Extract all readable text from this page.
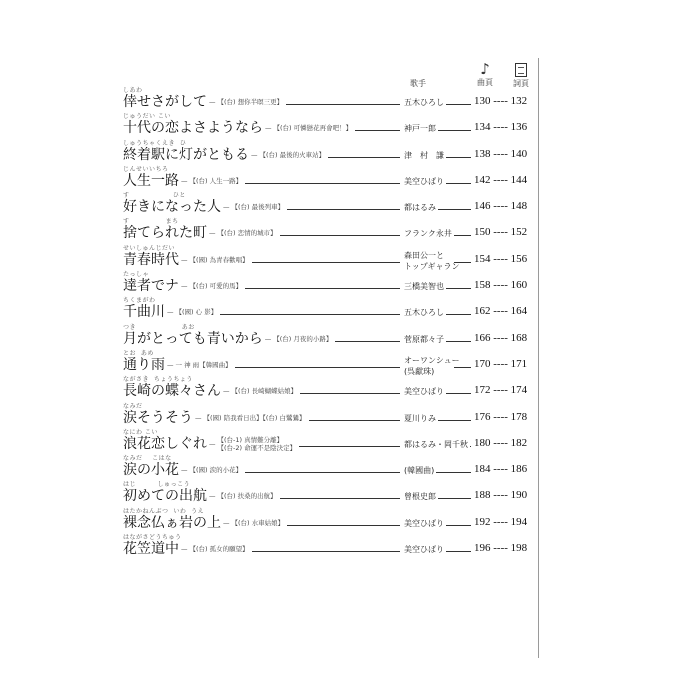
歌手
♪
曲頁	詞頁
しあわ
倖せさがして — 【(台) 想你半暝三更】	五木ひろし	130 ---- 132
じゅうだい こい
十代の恋よさようなら — 【(台) 可憐戀花再會吧！】	神戸一郎	134 ---- 136
しゅうちゃくえき  ひ
終着駅に灯がともる — 【(台) 最後的火車站】	津　村　謙	138 ---- 140
じんせいいちろ
人生一路 — 【(台) 人生一路】	美空ひばり	142 ---- 144
す                  ひと
好きになった人 — 【(台) 最後列車】	都はるみ	146 ---- 148
す               まち
捨てられた町 — 【(台) 恋情的城市】	フランク永井 150 ---- 152
せいしゅんじだい
青春時代 — 【(國) 為青春歡唱】	森田公一と
トップギャラン
154 ---- 156
たっしゃ
達者でナ — 【(台) 可愛的馬】	三橋美智也	158 ---- 160
ちくまがわ
千曲川 — 【(國) 心 影】	五木ひろし	162 ---- 164
つき                   あお
月がとっても青いから — 【(台) 月夜的小路】	菅原都々子	166 ---- 168
とお  あめ
通り雨 — 一 神 雨【韓國曲】	オーワンシュー
(呉獻珠)
170 ---- 171
ながさき  ちょうちょう
長崎の蝶々さん — 【(台) 長崎蝴蝶姑娘】	美空ひばり	172 ---- 174
なみだ
涙そうそう — 【(國) 陪我看日出】【(台) 白鷺鷥】	夏川りみ	176 ---- 178
なにわ こい
浪花恋しぐれ — 【(台-1) 真情難分離】
【(台-2) 命運不是陰決定】	都はるみ・岡千秋 180 ---- 182
なみだ    こはな
涙の小花 — 【(國) 涙的小花】	(韓國曲)	184 ---- 186
はじ         しゅっこう
初めての出航 — 【(台) 扶桑的出航】	曾根史郎	188 ---- 190
はたかねんぶつ  いわ  うえ
裸念仏ぁ岩の上 — 【(台) 水車姑娘】	美空ひばり	192 ---- 194
はながさどうちゅう
花笠道中 — 【(台) 孤女的願望】	美空ひばり	196 ---- 198
